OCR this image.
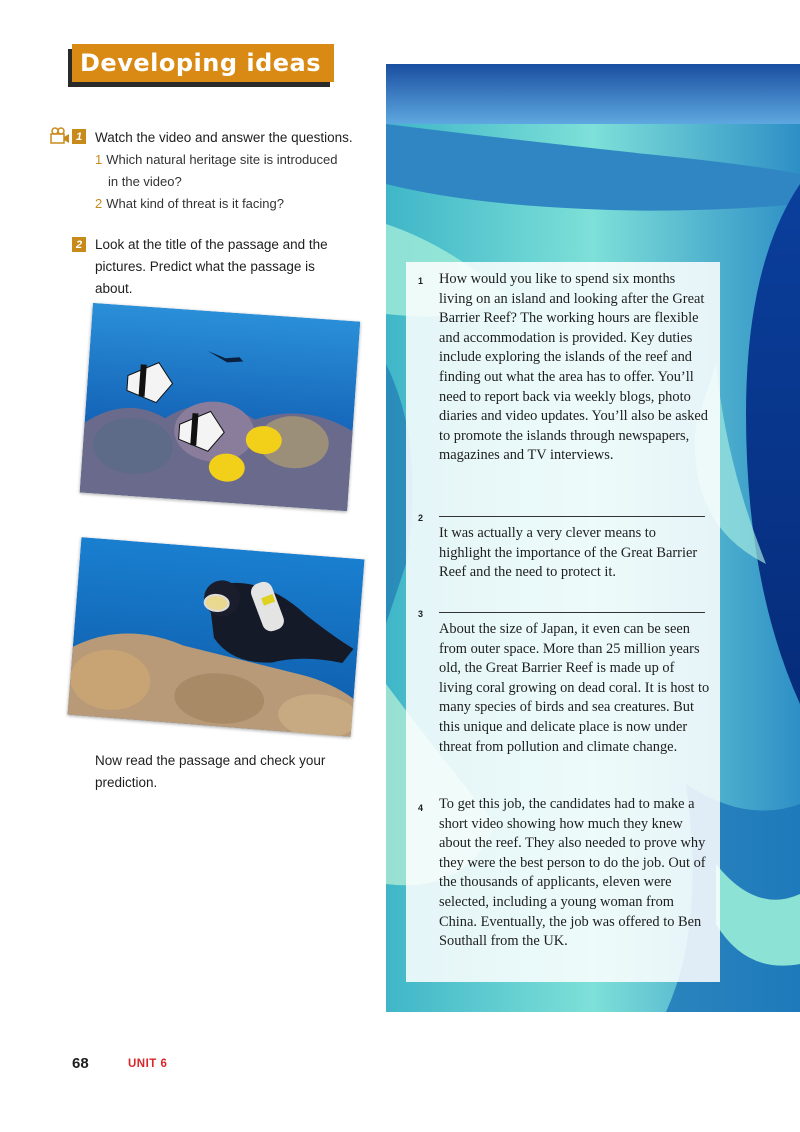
Developing ideas
1 Watch the video and answer the questions.
1 Which natural heritage site is introduced
in the video?
2 What kind of threat is it facing?
2 Look at the title of the passage and the
pictures. Predict what the passage is
about.
Now read the passage and check your
prediction.
1 How would you like to spend six months living on an island and looking after the Great Barrier Reef? The working hours are flexible and accommodation is provided. Key duties include exploring the islands of the reef and finding out what the area has to offer. You’ll need to report back via weekly blogs, photo diaries and video updates. You’ll also be asked to promote the islands through newspapers, magazines and TV interviews.
2
It was actually a very clever means to highlight the importance of the Great Barrier Reef and the need to protect it.
3
About the size of Japan, it even can be seen from outer space. More than 25 million years old, the Great Barrier Reef is made up of living coral growing on dead coral. It is host to many species of birds and sea creatures. But this unique and delicate place is now under threat from pollution and climate change.
4 To get this job, the candidates had to make a short video showing how much they knew about the reef. They also needed to prove why they were the best person to do the job. Out of the thousands of applicants, eleven were selected, including a young woman from China. Eventually, the job was offered to Ben Southall from the UK.
68	UNIT 6
